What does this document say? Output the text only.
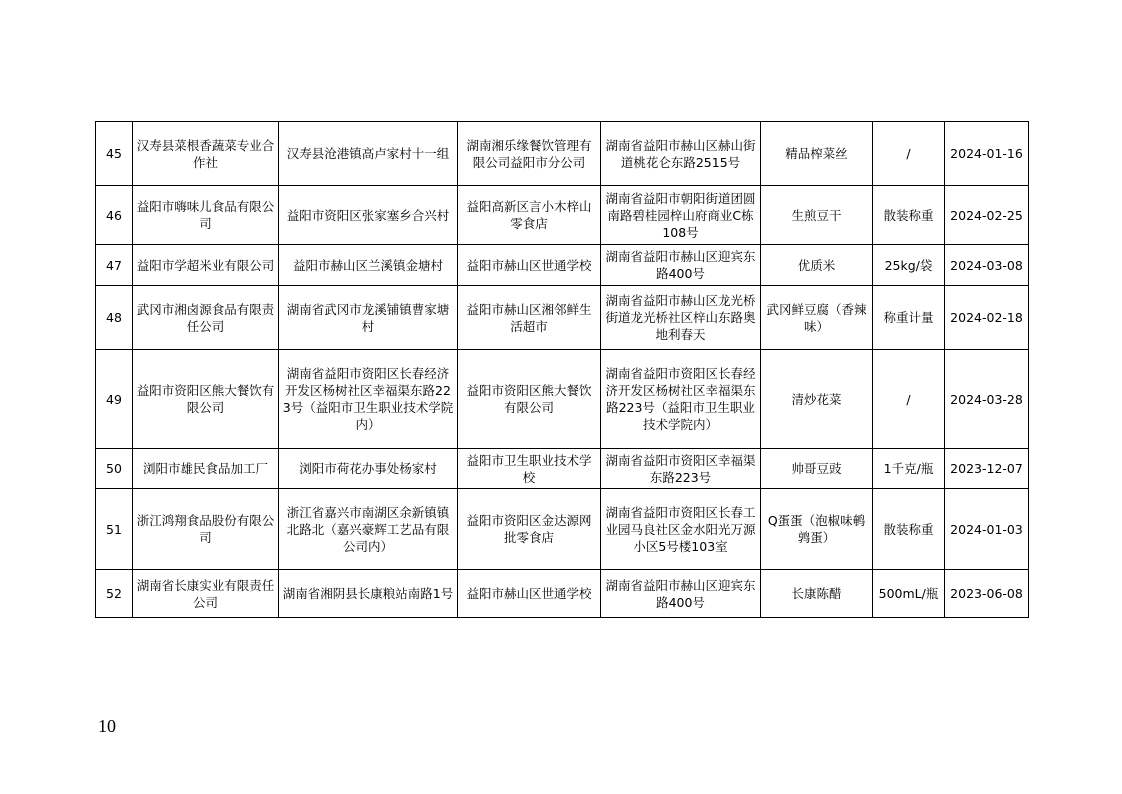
45	汉寿县菜根香蔬菜专业合作社	汉寿县沧港镇高卢家村十一组	湖南湘乐缘餐饮管理有限公司益阳市分公司	湖南省益阳市赫山区赫山街道桃花仑东路2515号	精品榨菜丝	/	2024-01-16
46	益阳市嗨味儿食品有限公司	益阳市资阳区张家塞乡合兴村	益阳高新区言小木梓山零食店	湖南省益阳市朝阳街道团圆南路碧桂园梓山府商业C栋108号	生煎豆干	散装称重	2024-02-25
47	益阳市学超米业有限公司	益阳市赫山区兰溪镇金塘村	益阳市赫山区世通学校	湖南省益阳市赫山区迎宾东路400号	优质米	25kg/袋	2024-03-08
48	武冈市湘卤源食品有限责任公司	湖南省武冈市龙溪铺镇曹家塘村	益阳市赫山区湘邻鲜生活超市	湖南省益阳市赫山区龙光桥街道龙光桥社区梓山东路奥地利春天	武冈鲜豆腐（香辣味）	称重计量	2024-02-18
49	益阳市资阳区熊大餐饮有限公司	湖南省益阳市资阳区长春经济开发区杨树社区幸福渠东路223号（益阳市卫生职业技术学院内）	益阳市资阳区熊大餐饮有限公司	湖南省益阳市资阳区长春经济开发区杨树社区幸福渠东路223号（益阳市卫生职业技术学院内）	清炒花菜	/	2024-03-28
50	浏阳市雄民食品加工厂	浏阳市荷花办事处杨家村	益阳市卫生职业技术学校	湖南省益阳市资阳区幸福渠东路223号	帅哥豆豉	1千克/瓶	2023-12-07
51	浙江鸿翔食品股份有限公司	浙江省嘉兴市南湖区余新镇镇北路北（嘉兴豪辉工艺品有限公司内）	益阳市资阳区金达源网批零食店	湖南省益阳市资阳区长春工业园马良社区金水阳光万源小区5号楼103室	Q蛋蛋（泡椒味鹌鹑蛋）	散装称重	2024-01-03
52	湖南省长康实业有限责任公司	湖南省湘阴县长康粮站南路1号	益阳市赫山区世通学校	湖南省益阳市赫山区迎宾东路400号	长康陈醋	500mL/瓶	2023-06-08
10
